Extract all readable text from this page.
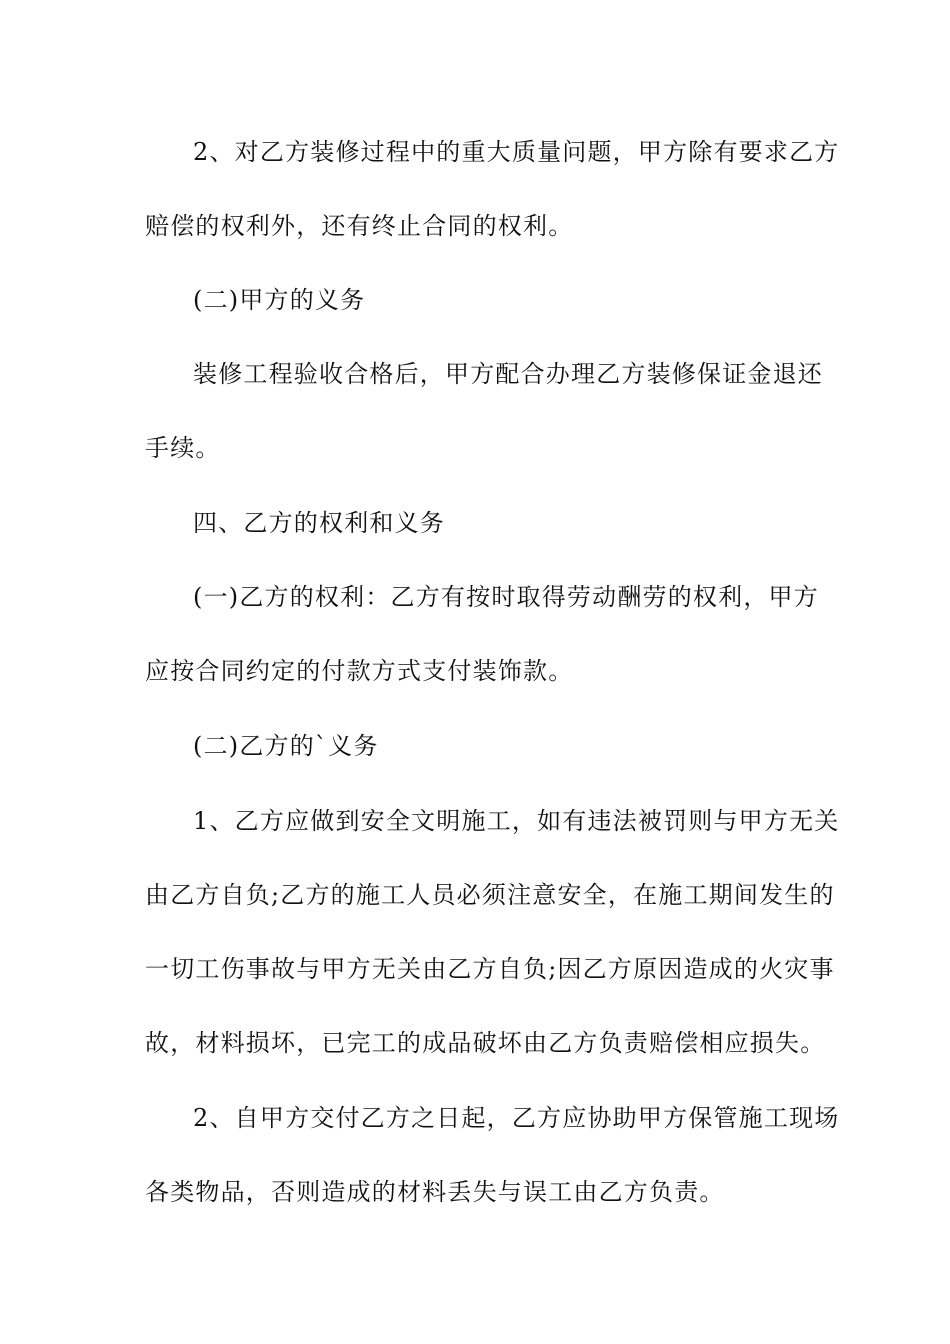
2、对乙方装修过程中的重大质量问题，甲方除有要求乙方
赔偿的权利外，还有终止合同的权利。
(二)甲方的义务
装修工程验收合格后，甲方配合办理乙方装修保证金退还
手续。
四、乙方的权利和义务
(一)乙方的权利：乙方有按时取得劳动酬劳的权利，甲方
应按合同约定的付款方式支付装饰款。
(二)乙方的`义务
1、乙方应做到安全文明施工，如有违法被罚则与甲方无关
由乙方自负;乙方的施工人员必须注意安全，在施工期间发生的
一切工伤事故与甲方无关由乙方自负;因乙方原因造成的火灾事
故，材料损坏，已完工的成品破坏由乙方负责赔偿相应损失。
2、自甲方交付乙方之日起，乙方应协助甲方保管施工现场
各类物品，否则造成的材料丢失与误工由乙方负责。
